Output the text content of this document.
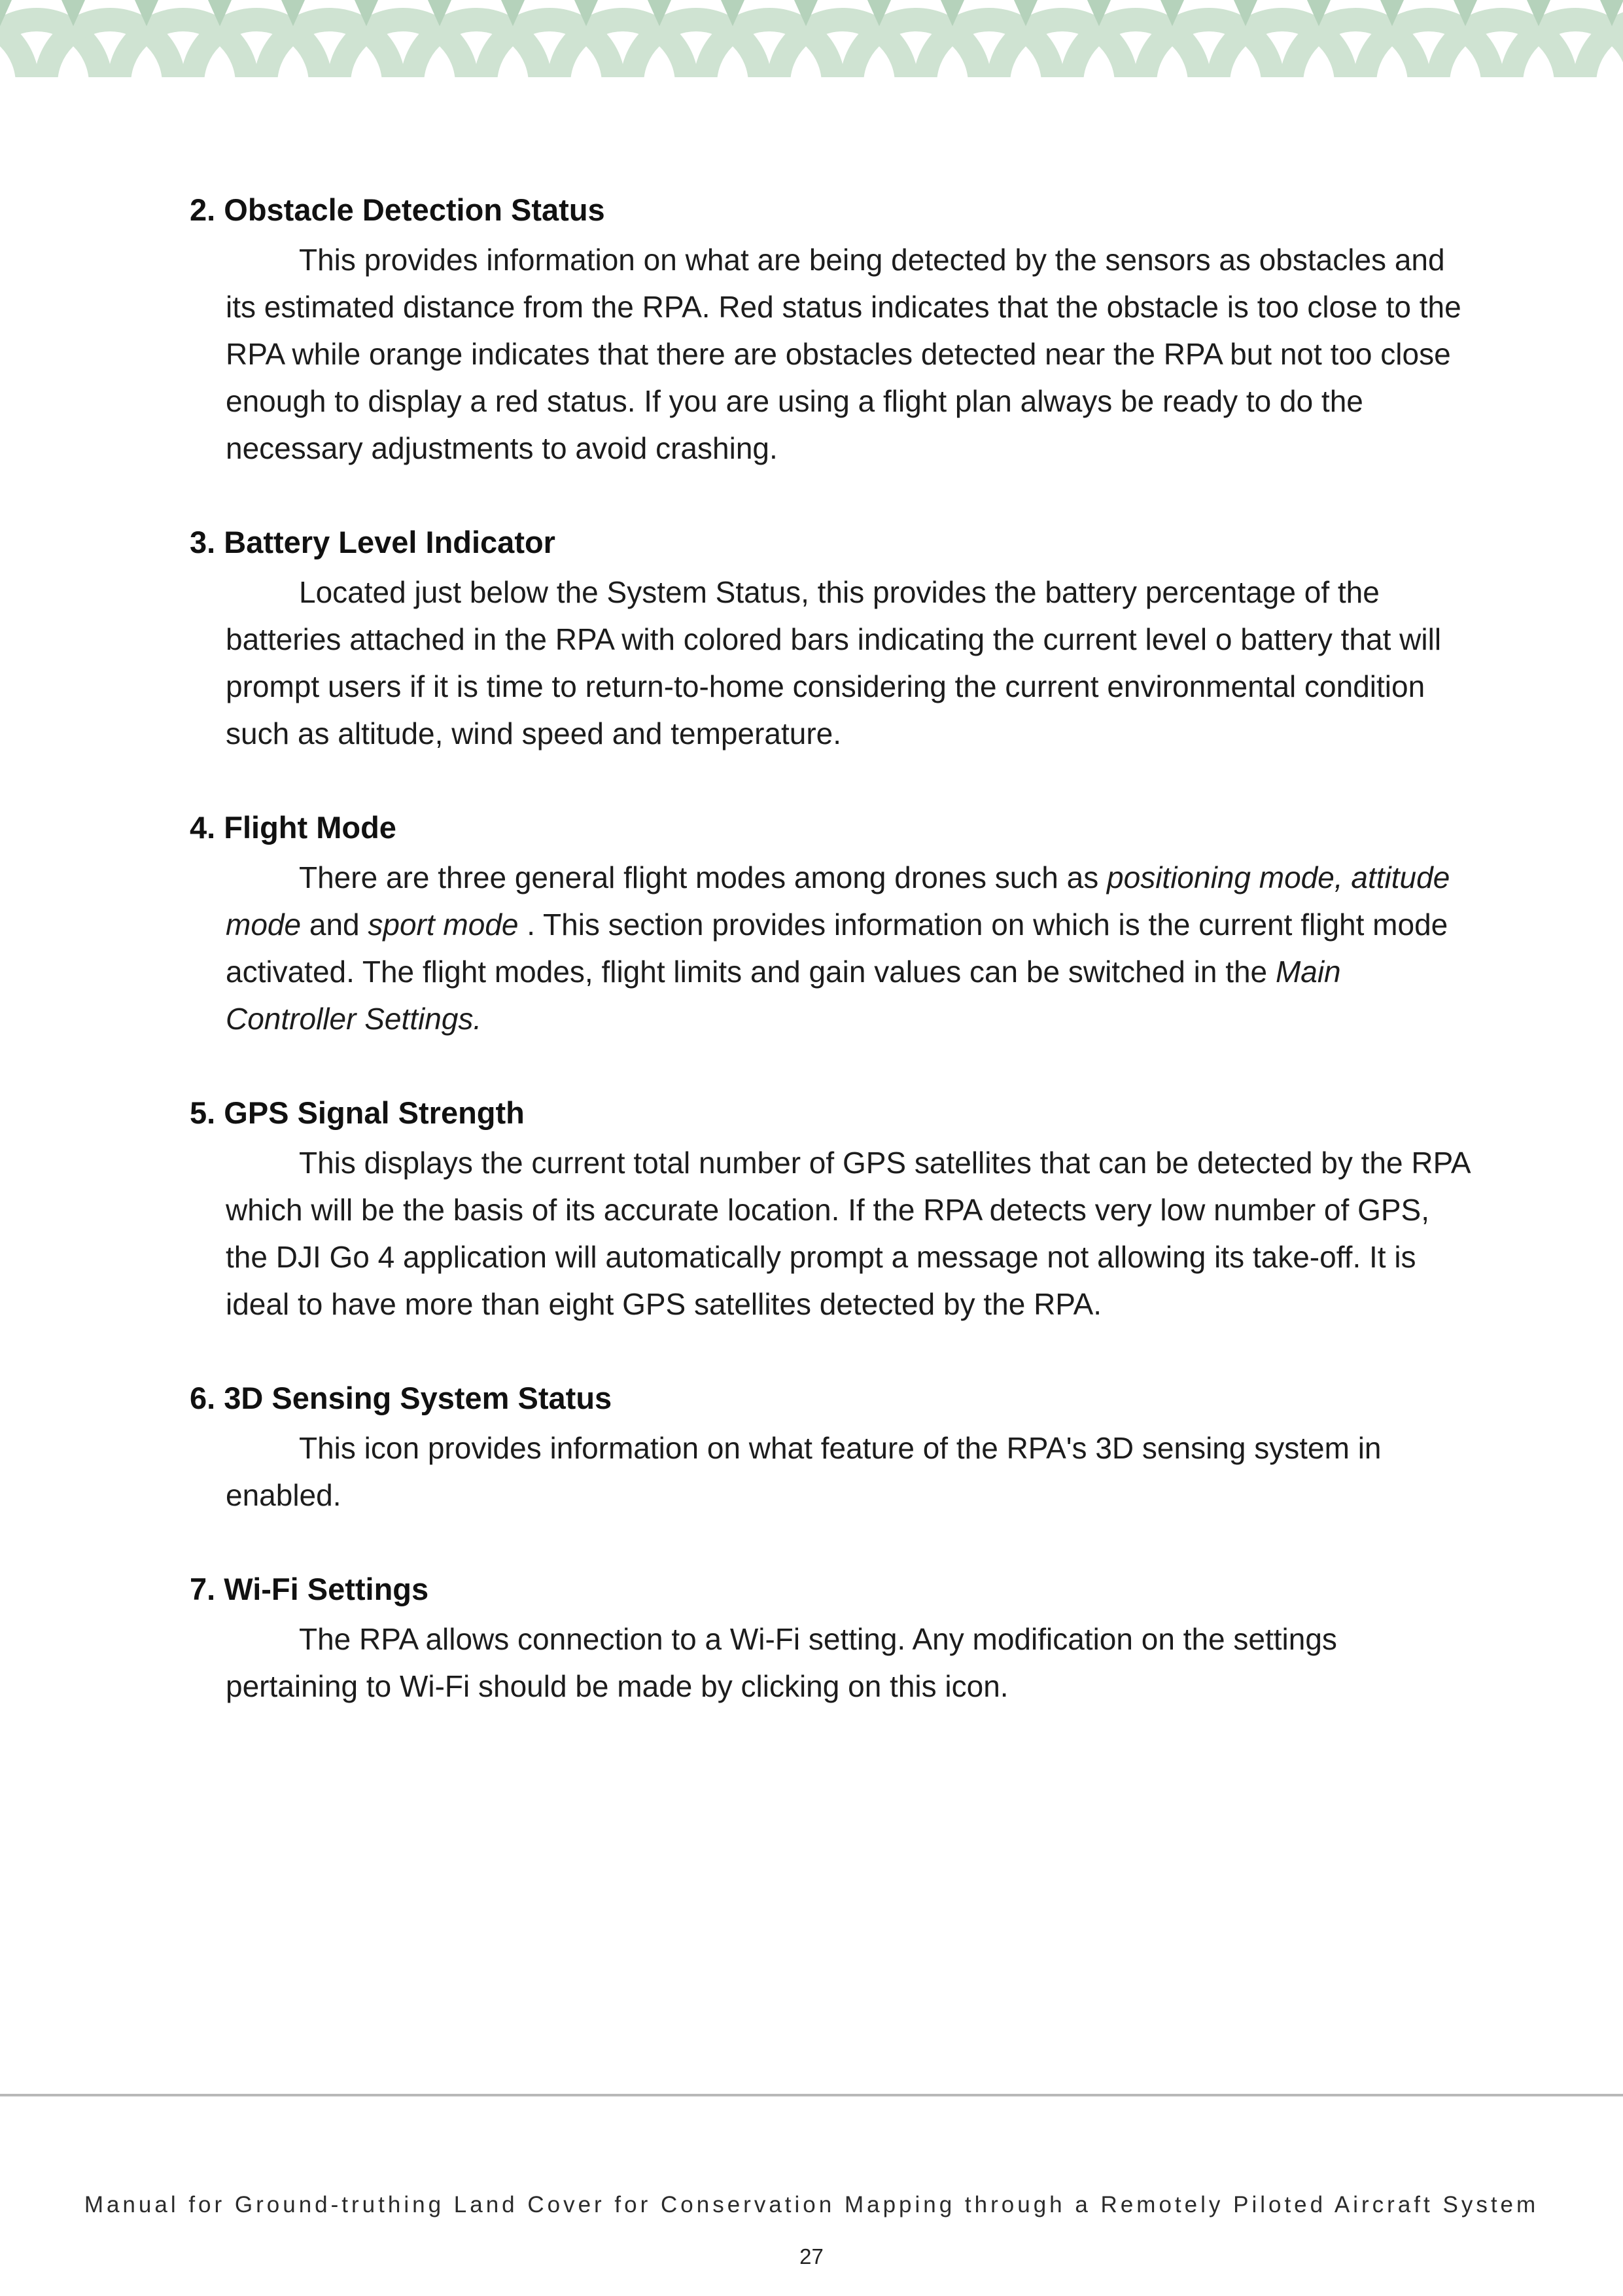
2. Obstacle Detection Status

This provides information on what are being detected by the sensors as obstacles and its estimated distance from the RPA. Red status indicates that the obstacle is too close to the RPA while orange indicates that there are obstacles detected near the RPA but not too close enough to display a red status. If you are using a flight plan always be ready to do the necessary adjustments to avoid crashing.

3. Battery Level Indicator

Located just below the System Status, this provides the battery percentage of the batteries attached in the RPA with colored bars indicating the current level o battery that will prompt users if it is time to return-to-home considering the current environmental condition such as altitude, wind speed and temperature.

4. Flight Mode

There are three general flight modes among drones such as positioning mode, attitude mode and sport mode . This section provides information on which is the current flight mode activated. The flight modes, flight limits and gain values can be switched in the Main Controller Settings.

5. GPS Signal Strength

This displays the current total number of GPS satellites that can be detected by the RPA which will be the basis of its accurate location. If the RPA detects very low number of GPS, the DJI Go 4 application will automatically prompt a message not allowing its take-off. It is ideal to have more than eight GPS satellites detected by the RPA.

6. 3D Sensing System Status

This icon provides information on what feature of the RPA's 3D sensing system in enabled.

7. Wi-Fi Settings

The RPA allows connection to a Wi-Fi setting. Any modification on the settings pertaining to Wi-Fi should be made by clicking on this icon.

Manual for Ground-truthing Land Cover for Conservation Mapping through a Remotely Piloted Aircraft System
27
